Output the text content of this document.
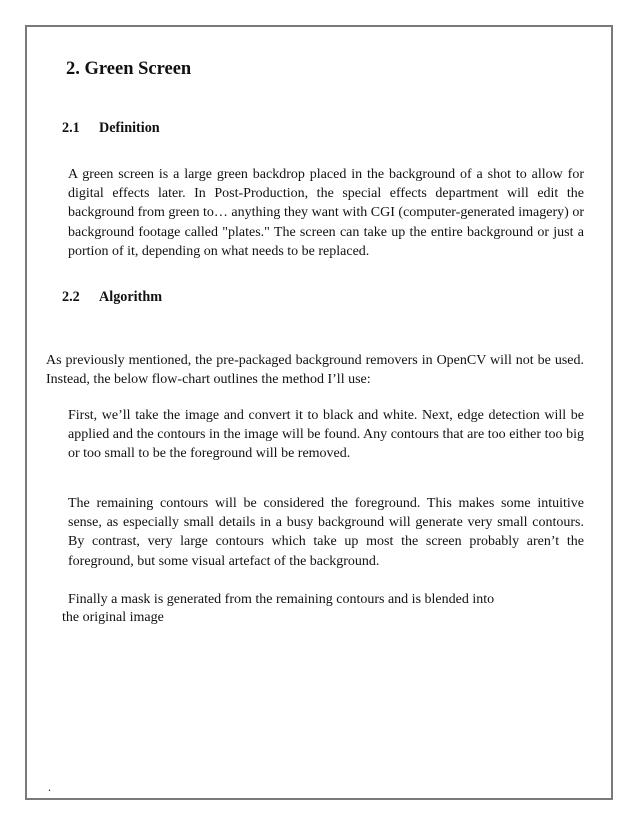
2. Green Screen
2.1 Definition

A green screen is a large green backdrop placed in the background of a shot to allow for digital effects later. In Post-Production, the special effects department will edit the background from green to… anything they want with CGI (computer-generated imagery) or background footage called "plates." The screen can take up the entire background or just a portion of it, depending on what needs to be replaced.

2.2 Algorithm

As previously mentioned, the pre-packaged background removers in OpenCV will not be used. Instead, the below flow-chart outlines the method I’ll use:

First, we’ll take the image and convert it to black and white. Next, edge detection will be applied and the contours in the image will be found. Any contours that are too either too big or too small to be the foreground will be removed.

The remaining contours will be considered the foreground. This makes some intuitive sense, as especially small details in a busy background will generate very small contours. By contrast, very large contours which take up most the screen probably aren’t the foreground, but some visual artefact of the background.

Finally a mask is generated from the remaining contours and is blended into

the original image

.
